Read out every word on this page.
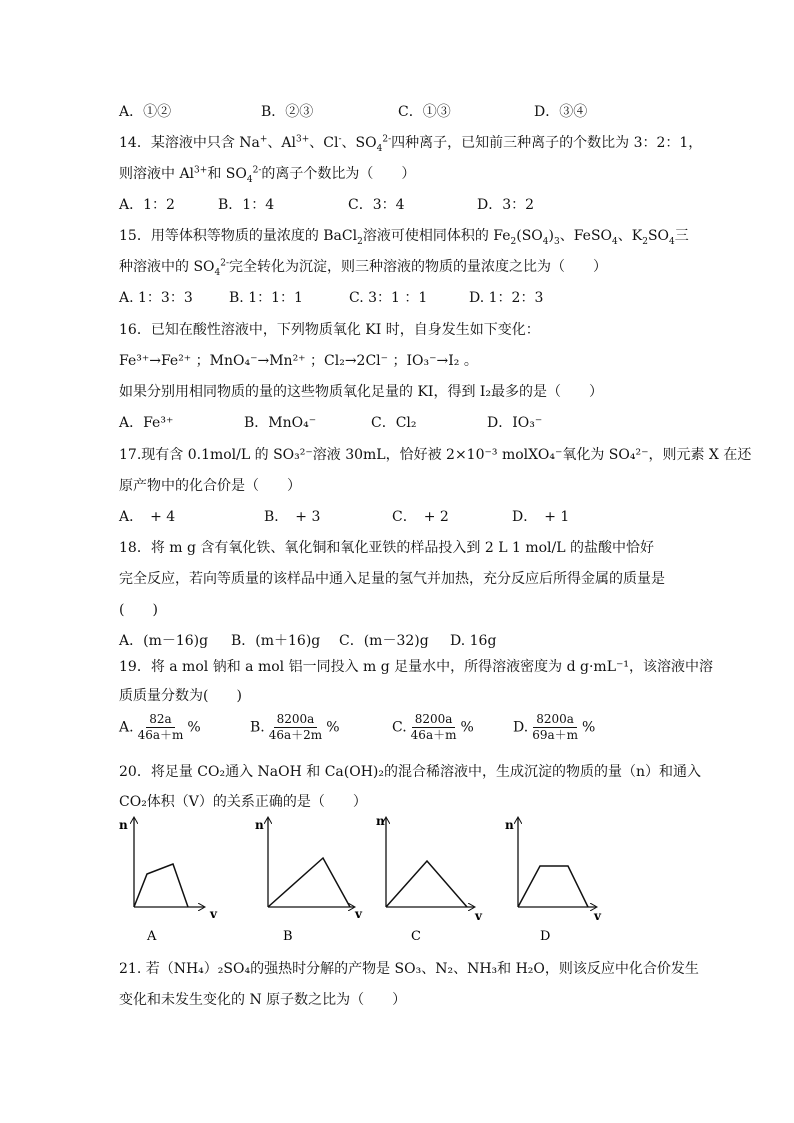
A．①②	B．②③	C．①③	D．③④
14．某溶液中只含 Na+、$Al^{3+}$、Cl-、$SO_4^{2-}$四种离子，已知前三种离子的个数比为 3：2：1，
则溶液中 $Al^{3+}$和 $SO_4^{2-}$的离子个数比为（　　）
A．1：2	B．1：4	C．3：4	D．3：2
15．用等体积等物质的量浓度的 BaCl$_2$溶液可使相同体积的 $Fe_2(SO_4)_3$、FeSO$_4$、$K_2SO_4$三
种溶液中的 $SO_4^{2-}$完全转化为沉淀，则三种溶液的物质的量浓度之比为（　　）
A. 1：3：3	B. 1：1：1	C. 3：1 ：1	D. 1：2：3
16．已知在酸性溶液中，下列物质氧化 KI 时，自身发生如下变化：
Fe³⁺→Fe²⁺ ；MnO₄⁻→Mn²⁺ ；Cl₂→2Cl⁻ ；IO₃⁻→I₂ 。
如果分别用相同物质的量的这些物质氧化足量的 KI，得到 I₂最多的是（　　）
A．Fe³⁺	B．MnO₄⁻	C．Cl₂	D．IO₃⁻
17.现有含 0.1mol/L 的 SO₃²⁻溶液 30mL，恰好被 2×10⁻³ molXO₄⁻氧化为 SO₄²⁻，则元素 X 在还
原产物中的化合价是（　　）
A．　+ 4	B．　+ 3	C．　+ 2	D．　+ 1
18．将 m g 含有氧化铁、氧化铜和氧化亚铁的样品投入到 2 L 1 mol/L 的盐酸中恰好
完全反应，若向等质量的该样品中通入足量的氢气并加热，充分反应后所得金属的质量是
(　　)
A．(m－16)g B．(m＋16)g C．(m－32)g D. 16g
19．将 a mol 钠和 a mol 铝一同投入 m g 足量水中，所得溶液密度为 d g·mL⁻¹，该溶液中溶
质质量分数为(　　)
A. $\frac{82a}{46a+m}$ %	B. $\frac{8200a}{46a+2m}$ %	C. $\frac{8200a}{46a+m}$ %	D. $\frac{8200a}{69a+m}$ %
20．将足量 CO₂通入 NaOH 和 Ca(OH)₂的混合稀溶液中，生成沉淀的物质的量（n）和通入
CO₂体积（V）的关系正确的是（　　）
n
v
A
n
v
B
n
v
C
n
v
D
21. 若（NH₄）₂SO₄的强热时分解的产物是 SO₃、N₂、NH₃和 H₂O，则该反应中化合价发生
变化和未发生变化的 N 原子数之比为（　　）
